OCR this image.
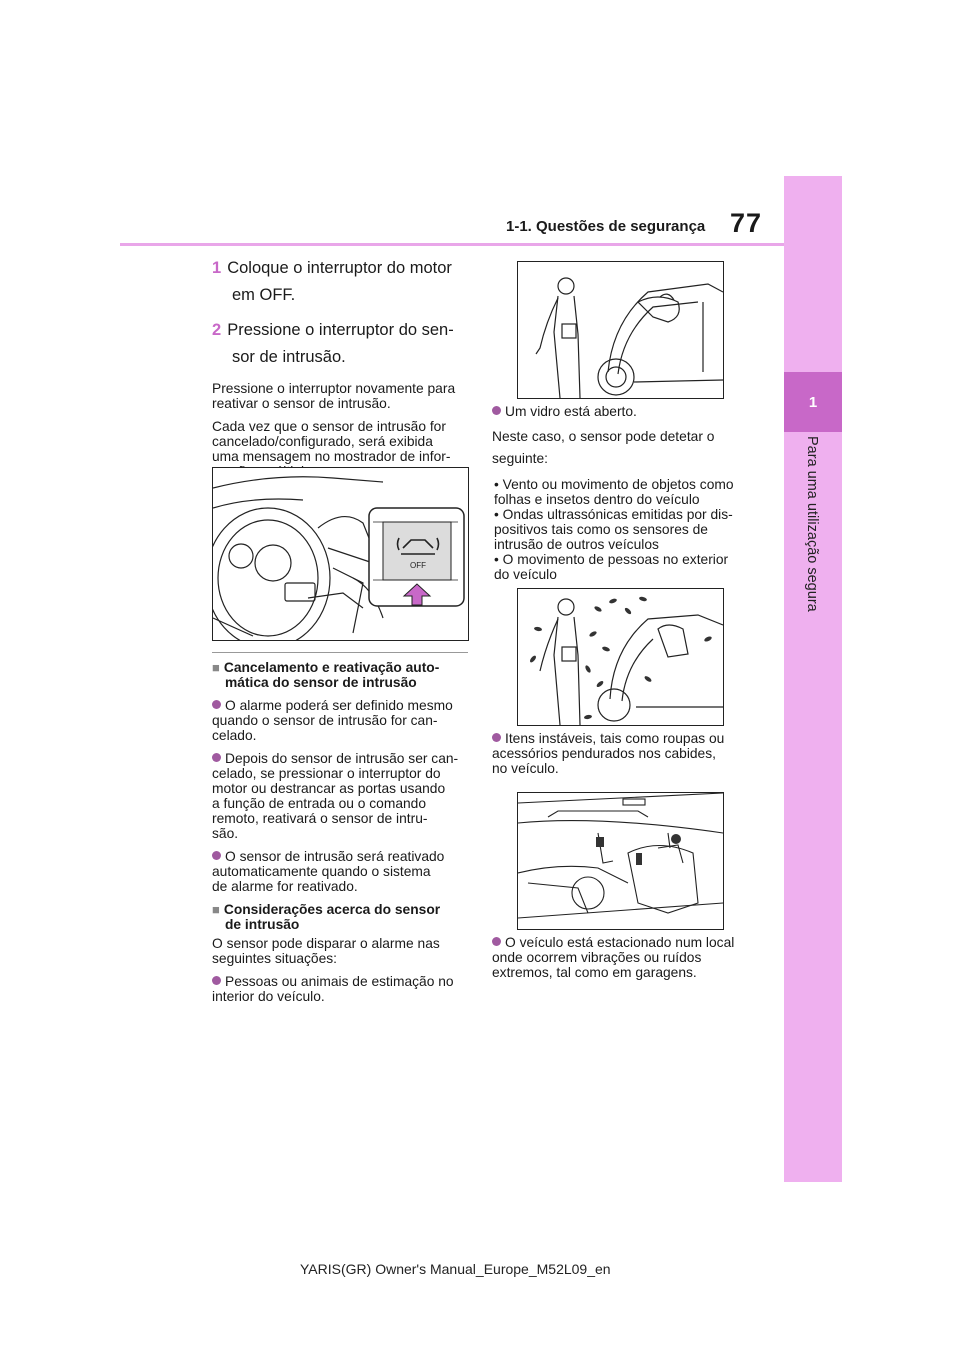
77
1-1. Questões de segurança
1
Para uma utilização segura
1 Coloque o interruptor do motor
em OFF.
2 Pressione o interruptor do sen-
sor de intrusão.

Pressione o interruptor novamente para

reativar o sensor de intrusão.

Cada vez que o sensor de intrusão for

cancelado/configurado, será exibida

uma mensagem no mostrador de infor-

OFF
■ Cancelamento e reativação auto-
mática do sensor de intrusão

O alarme poderá ser definido mesmo

quando o sensor de intrusão for can-

celado.

Depois do sensor de intrusão ser can-

celado, se pressionar o interruptor do

motor ou destrancar as portas usando

a função de entrada ou o comando

remoto, reativará o sensor de intru-

são.

O sensor de intrusão será reativado

automaticamente quando o sistema

de alarme for reativado.

■ Considerações acerca do sensor
de intrusão

O sensor pode disparar o alarme nas

seguintes situações:

Pessoas ou animais de estimação no

interior do veículo.

Um vidro está aberto.

Neste caso, o sensor pode detetar o

seguinte:

• Vento ou movimento de objetos como

folhas e insetos dentro do veículo

• Ondas ultrassónicas emitidas por dis-

positivos tais como os sensores de

intrusão de outros veículos

• O movimento de pessoas no exterior

do veículo

Itens instáveis, tais como roupas ou

acessórios pendurados nos cabides,

no veículo.

O veículo está estacionado num local

onde ocorrem vibrações ou ruídos

extremos, tal como em garagens.

YARIS(GR) Owner's Manual_Europe_M52L09_en
